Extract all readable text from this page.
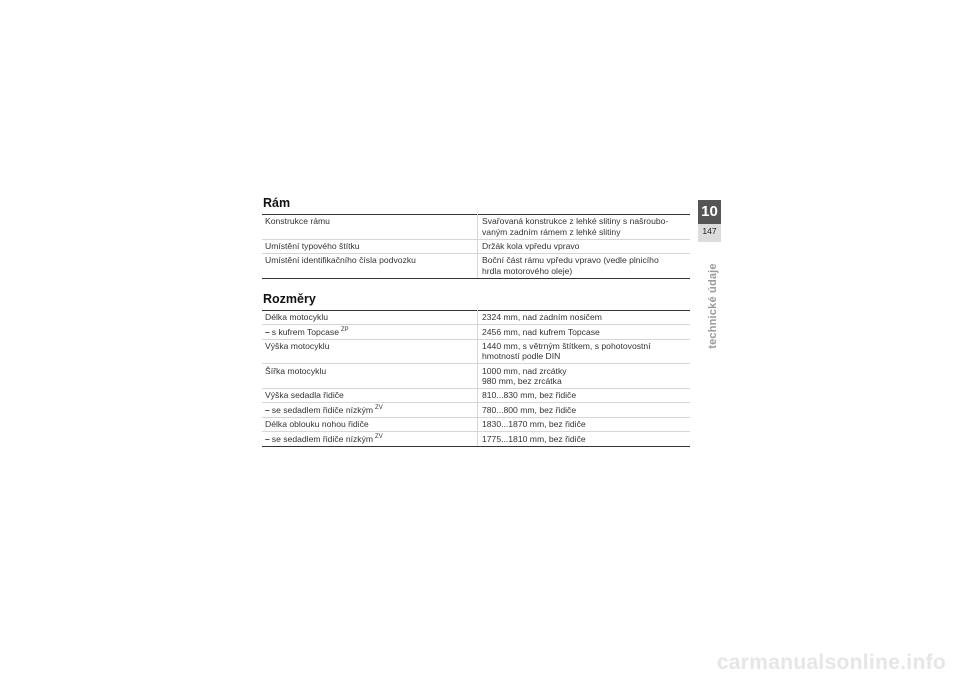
Rám
Konstrukce rámu	Svařovaná konstrukce z lehké slitiny s našroubo-
vaným zadním rámem z lehké slitiny
Umístění typového štítku	Držák kola vpředu vpravo
Umístění identifikačního čísla podvozku	Boční část rámu vpředu vpravo (vedle plnicího
hrdla motorového oleje)
Rozměry
Délka motocyklu	2324 mm, nad zadním nosičem
– s kufrem Topcase $^{ZP}$	2456 mm, nad kufrem Topcase
Výška motocyklu	1440 mm, s větrným štítkem, s pohotovostní
hmotností podle DIN
Šířka motocyklu	1000 mm, nad zrcátky
980 mm, bez zrcátka
Výška sedadla řidiče	810...830 mm, bez řidiče
– se sedadlem řidiče nízkým $^{ZV}$	780...800 mm, bez řidiče
Délka oblouku nohou řidiče	1830...1870 mm, bez řidiče
– se sedadlem řidiče nízkým $^{ZV}$	1775...1810 mm, bez řidiče
10
147
technické údaje
carmanualsonline.info
